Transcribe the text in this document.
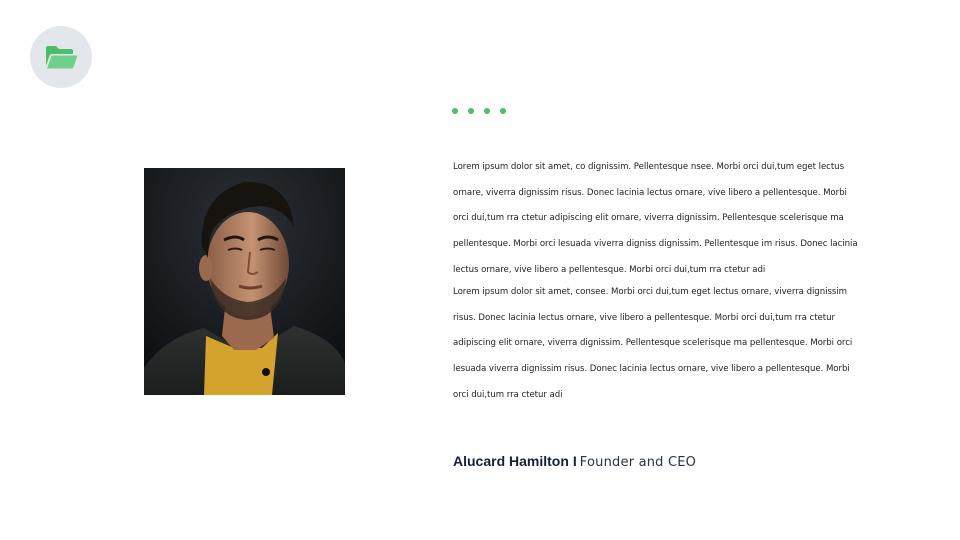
Lorem ipsum dolor sit amet, co dignissim. Pellentesque nsee. Morbi orci dui,tum eget lectus ornare, viverra dignissim risus. Donec lacinia lectus ornare, vive libero a pellentesque. Morbi orci dui,tum rra ctetur adipiscing elit ornare, viverra dignissim. Pellentesque scelerisque ma pellentesque. Morbi orci lesuada viverra digniss dignissim. Pellentesque im risus. Donec lacinia lectus ornare, vive libero a pellentesque. Morbi orci dui,tum rra ctetur adi

Lorem ipsum dolor sit amet, consee. Morbi orci dui,tum eget lectus ornare, viverra dignissim risus. Donec lacinia lectus ornare, vive libero a pellentesque. Morbi orci dui,tum rra ctetur adipiscing elit ornare, viverra dignissim. Pellentesque scelerisque ma pellentesque. Morbi orci lesuada viverra dignissim risus. Donec lacinia lectus ornare, vive libero a pellentesque. Morbi orci dui,tum rra ctetur adi

Alucard Hamilton I Founder and CEO
